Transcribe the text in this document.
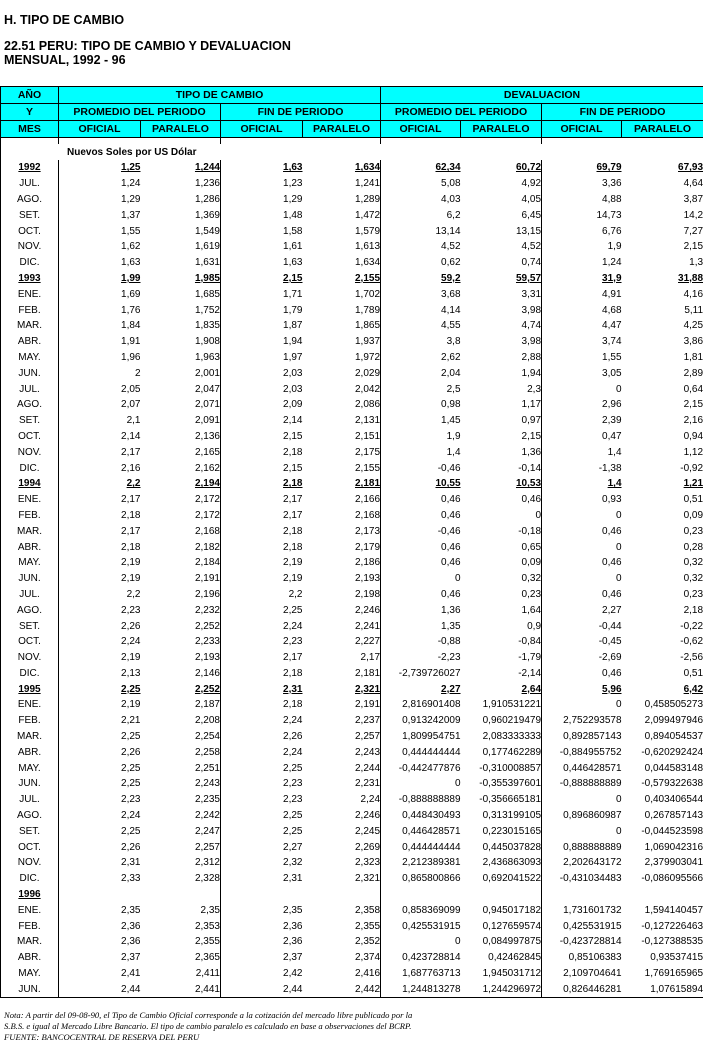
H. TIPO DE CAMBIO
22.51 PERU: TIPO DE CAMBIO Y DEVALUACION
MENSUAL, 1992 - 96
AÑO	TIPO DE CAMBIO				DEVALUACION			
Y	PROMEDIO DEL PERIODO		FIN DE PERIODO		PROMEDIO DEL PERIODO		FIN DE PERIODO	
MES	OFICIAL	PARALELO	OFICIAL	PARALELO	OFICIAL	PARALELO	OFICIAL	PARALELO

Nuevos Soles por US Dólar								
1992	1,25	1,244	1,63	1,634	62,34	60,72	69,79	67,93
JUL.	1,24	1,236	1,23	1,241	5,08	4,92	3,36	4,64
AGO.	1,29	1,286	1,29	1,289	4,03	4,05	4,88	3,87
SET.	1,37	1,369	1,48	1,472	6,2	6,45	14,73	14,2
OCT.	1,55	1,549	1,58	1,579	13,14	13,15	6,76	7,27
NOV.	1,62	1,619	1,61	1,613	4,52	4,52	1,9	2,15
DIC.	1,63	1,631	1,63	1,634	0,62	0,74	1,24	1,3
1993	1,99	1,985	2,15	2,155	59,2	59,57	31,9	31,88
ENE.	1,69	1,685	1,71	1,702	3,68	3,31	4,91	4,16
FEB.	1,76	1,752	1,79	1,789	4,14	3,98	4,68	5,11
MAR.	1,84	1,835	1,87	1,865	4,55	4,74	4,47	4,25
ABR.	1,91	1,908	1,94	1,937	3,8	3,98	3,74	3,86
MAY.	1,96	1,963	1,97	1,972	2,62	2,88	1,55	1,81
JUN.	2	2,001	2,03	2,029	2,04	1,94	3,05	2,89
JUL.	2,05	2,047	2,03	2,042	2,5	2,3	0	0,64
AGO.	2,07	2,071	2,09	2,086	0,98	1,17	2,96	2,15
SET.	2,1	2,091	2,14	2,131	1,45	0,97	2,39	2,16
OCT.	2,14	2,136	2,15	2,151	1,9	2,15	0,47	0,94
NOV.	2,17	2,165	2,18	2,175	1,4	1,36	1,4	1,12
DIC.	2,16	2,162	2,15	2,155	-0,46	-0,14	-1,38	-0,92
1994	2,2	2,194	2,18	2,181	10,55	10,53	1,4	1,21
ENE.	2,17	2,172	2,17	2,166	0,46	0,46	0,93	0,51
FEB.	2,18	2,172	2,17	2,168	0,46	0	0	0,09
MAR.	2,17	2,168	2,18	2,173	-0,46	-0,18	0,46	0,23
ABR.	2,18	2,182	2,18	2,179	0,46	0,65	0	0,28
MAY.	2,19	2,184	2,19	2,186	0,46	0,09	0,46	0,32
JUN.	2,19	2,191	2,19	2,193	0	0,32	0	0,32
JUL.	2,2	2,196	2,2	2,198	0,46	0,23	0,46	0,23
AGO.	2,23	2,232	2,25	2,246	1,36	1,64	2,27	2,18
SET.	2,26	2,252	2,24	2,241	1,35	0,9	-0,44	-0,22
OCT.	2,24	2,233	2,23	2,227	-0,88	-0,84	-0,45	-0,62
NOV.	2,19	2,193	2,17	2,17	-2,23	-1,79	-2,69	-2,56
DIC.	2,13	2,146	2,18	2,181	-2,739726027	-2,14	0,46	0,51
1995	2,25	2,252	2,31	2,321	2,27	2,64	5,96	6,42
ENE.	2,19	2,187	2,18	2,191	2,816901408	1,910531221	0	0,458505273
FEB.	2,21	2,208	2,24	2,237	0,913242009	0,960219479	2,752293578	2,099497946
MAR.	2,25	2,254	2,26	2,257	1,809954751	2,083333333	0,892857143	0,894054537
ABR.	2,26	2,258	2,24	2,243	0,444444444	0,177462289	-0,884955752	-0,620292424
MAY.	2,25	2,251	2,25	2,244	-0,442477876	-0,310008857	0,446428571	0,044583148
JUN.	2,25	2,243	2,23	2,231	0	-0,355397601	-0,888888889	-0,579322638
JUL.	2,23	2,235	2,23	2,24	-0,888888889	-0,356665181	0	0,403406544
AGO.	2,24	2,242	2,25	2,246	0,448430493	0,313199105	0,896860987	0,267857143
SET.	2,25	2,247	2,25	2,245	0,446428571	0,223015165	0	-0,044523598
OCT.	2,26	2,257	2,27	2,269	0,444444444	0,445037828	0,888888889	1,069042316
NOV.	2,31	2,312	2,32	2,323	2,212389381	2,436863093	2,202643172	2,379903041
DIC.	2,33	2,328	2,31	2,321	0,865800866	0,692041522	-0,431034483	-0,086095566
1996								
ENE.	2,35	2,35	2,35	2,358	0,858369099	0,945017182	1,731601732	1,594140457
FEB.	2,36	2,353	2,36	2,355	0,425531915	0,127659574	0,425531915	-0,127226463
MAR.	2,36	2,355	2,36	2,352	0	0,084997875	-0,423728814	-0,127388535
ABR.	2,37	2,365	2,37	2,374	0,423728814	0,42462845	0,85106383	0,93537415
MAY.	2,41	2,411	2,42	2,416	1,687763713	1,945031712	2,109704641	1,769165965
JUN.	2,44	2,441	2,44	2,442	1,244813278	1,244296972	0,826446281	1,07615894
Nota: A partir del 09-08-90, el Tipo de Cambio Oficial corresponde a la cotización del mercado libre publicado por la
S.B.S. e igual al Mercado Libre Bancario. El tipo de cambio paralelo es calculado en base a observaciones del BCRP.
FUENTE: BANCOCENTRAL DE RESERVA DEL PERU
